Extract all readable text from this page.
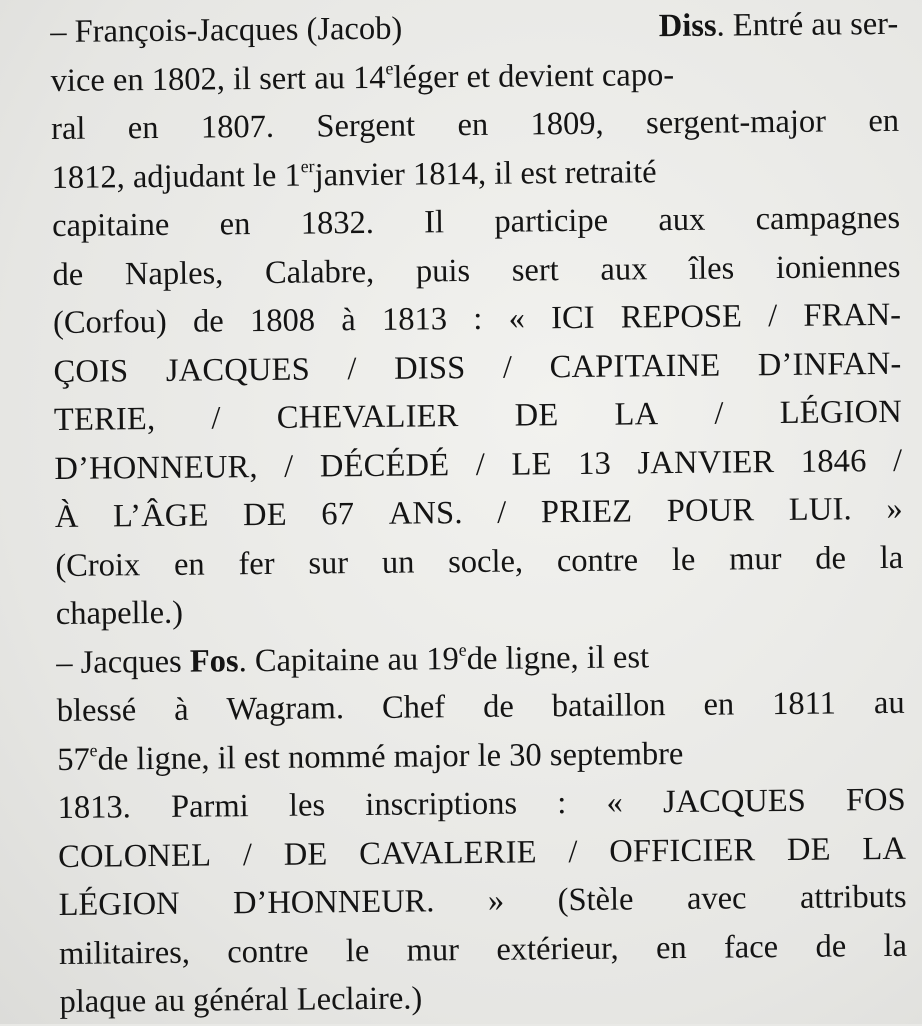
– François-Jacques (Jacob)	Diss. Entré au ser-
vice en 1802, il sert au 14eléger et devient capo-
ral en 1807. Sergent en 1809, sergent-major en
1812, adjudant le 1erjanvier 1814, il est retraité
capitaine en 1832. Il participe aux campagnes
de Naples, Calabre, puis sert aux îles ioniennes
(Corfou) de 1808 à 1813 : « ICI REPOSE / FRAN-
ÇOIS JACQUES / DISS / CAPITAINE D’INFAN-
TERIE, / CHEVALIER DE LA / LÉGION
D’HONNEUR, / DÉCÉDÉ / LE 13 JANVIER 1846 /
À L’ÂGE DE 67 ANS. / PRIEZ POUR LUI. »
(Croix en fer sur un socle, contre le mur de la
chapelle.)
– Jacques Fos. Capitaine au 19ede ligne, il est
blessé à Wagram. Chef de bataillon en 1811 au
57ede ligne, il est nommé major le 30 septembre
1813. Parmi les inscriptions : « JACQUES FOS
COLONEL / DE CAVALERIE / OFFICIER DE LA
LÉGION D’HONNEUR. » (Stèle avec attributs
militaires, contre le mur extérieur, en face de la
plaque au général Leclaire.)
